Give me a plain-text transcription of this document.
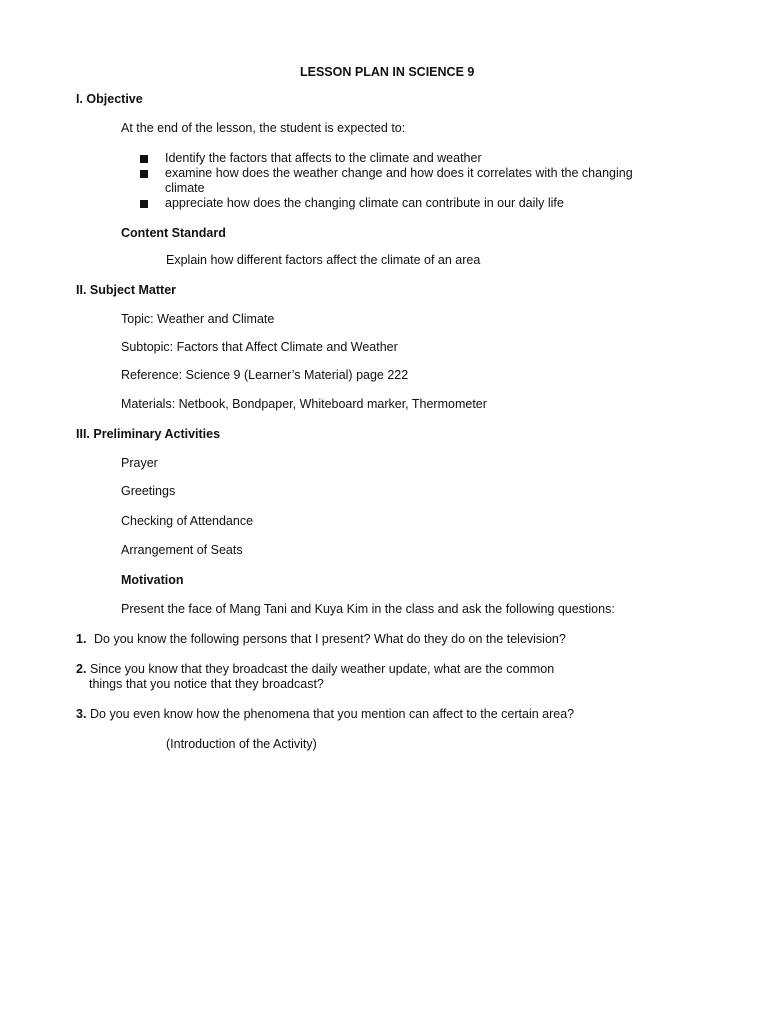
LESSON PLAN IN SCIENCE 9
I. Objective
At the end of the lesson, the student is expected to:
Identify the factors that affects to the climate and weather
examine how does the weather change and how does it correlates with the changing
climate
appreciate how does the changing climate can contribute in our daily life
Content Standard
Explain how different factors affect the climate of an area
II. Subject Matter
Topic: Weather and Climate
Subtopic: Factors that Affect Climate and Weather
Reference: Science 9 (Learner’s Material) page 222
Materials: Netbook, Bondpaper, Whiteboard marker, Thermometer
III. Preliminary Activities
Prayer
Greetings
Checking of Attendance
Arrangement of Seats
Motivation
Present the face of Mang Tani and Kuya Kim in the class and ask the following questions:
1. Do you know the following persons that I present? What do they do on the television?
2. Since you know that they broadcast the daily weather update, what are the common
things that you notice that they broadcast?
3. Do you even know how the phenomena that you mention can affect to the certain area?
(Introduction of the Activity)
